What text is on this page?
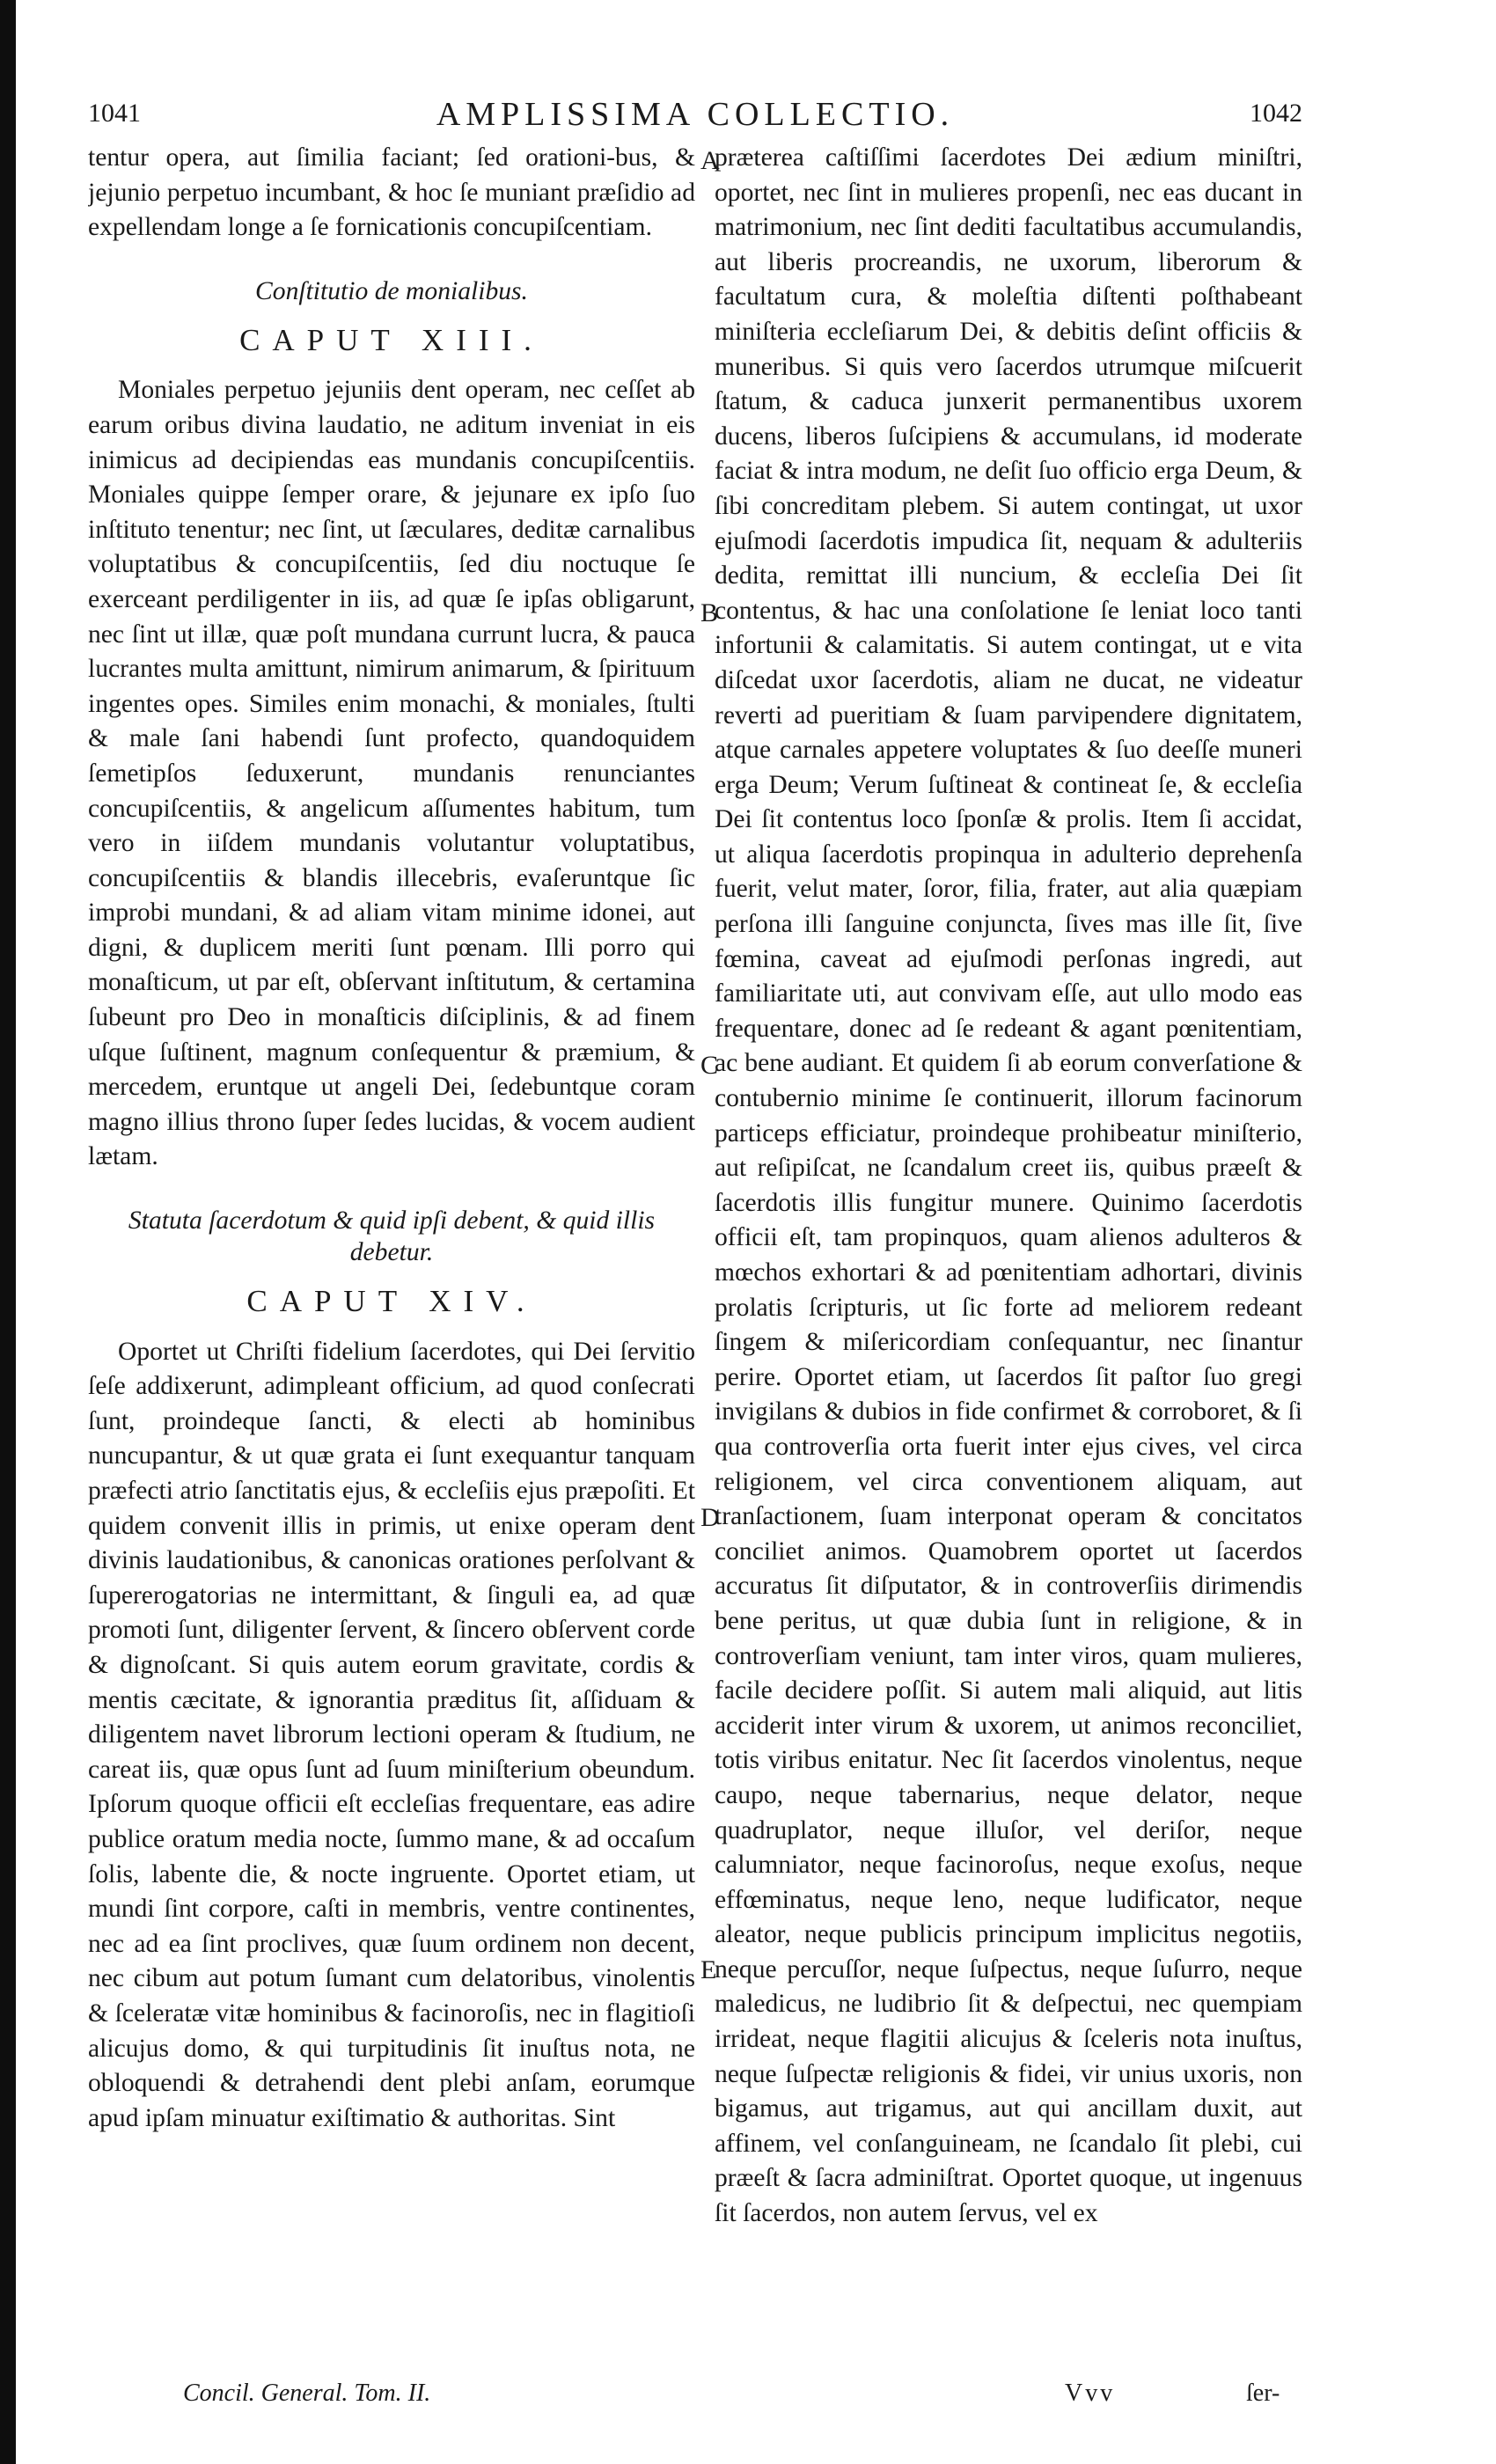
1041	AMPLISSIMA COLLECTIO.	1042

tentur opera, aut ſimilia faciant; ſed orationi-bus, & jejunio perpetuo incumbant, & hoc ſe muniant præſidio ad expellendam longe a ſe fornicationis concupiſcentiam.

Conſtitutio de monialibus.
CAPUT XIII.

Moniales perpetuo jejuniis dent operam, nec ceſſet ab earum oribus divina laudatio, ne aditum inveniat in eis inimicus ad decipiendas eas mundanis concupiſcentiis. Moniales quippe ſemper orare, & jejunare ex ipſo ſuo inſtituto tenentur; nec ſint, ut ſæculares, deditæ carnalibus voluptatibus & concupiſcentiis, ſed diu noctuque ſe exerceant perdiligenter in iis, ad quæ ſe ipſas obligarunt, nec ſint ut illæ, quæ poſt mundana currunt lucra, & pauca lucrantes multa amittunt, nimirum animarum, & ſpirituum ingentes opes. Similes enim monachi, & moniales, ſtulti & male ſani habendi ſunt profecto, quandoquidem ſemetipſos ſeduxerunt, mundanis renunciantes concupiſcentiis, & angelicum aſſumentes habitum, tum vero in iiſdem mundanis volutantur voluptatibus, concupiſcentiis & blandis illecebris, evaſeruntque ſic improbi mundani, & ad aliam vitam minime idonei, aut digni, & duplicem meriti ſunt pœnam. Illi porro qui monaſticum, ut par eſt, obſervant inſtitutum, & certamina ſubeunt pro Deo in monaſticis diſciplinis, & ad finem uſque ſuſtinent, magnum conſequentur & præmium, & mercedem, eruntque ut angeli Dei, ſedebuntque coram magno illius throno ſuper ſedes lucidas, & vocem audient lætam.

Statuta ſacerdotum & quid ipſi debent, & quid illis debetur.
CAPUT XIV.

Oportet ut Chriſti fidelium ſacerdotes, qui Dei ſervitio ſeſe addixerunt, adimpleant officium, ad quod conſecrati ſunt, proindeque ſancti, & electi ab hominibus nuncupantur, & ut quæ grata ei ſunt exequantur tanquam præfecti atrio ſanctitatis ejus, & eccleſiis ejus præpoſiti. Et quidem convenit illis in primis, ut enixe operam dent divinis laudationibus, & canonicas orationes perſolvant & ſupererogatorias ne intermittant, & ſinguli ea, ad quæ promoti ſunt, diligenter ſervent, & ſincero obſervent corde & dignoſcant. Si quis autem eorum gravitate, cordis & mentis cæcitate, & ignorantia præditus ſit, aſſiduam & diligentem navet librorum lectioni operam & ſtudium, ne careat iis, quæ opus ſunt ad ſuum miniſterium obeundum. Ipſorum quoque officii eſt eccleſias frequentare, eas adire publice oratum media nocte, ſummo mane, & ad occaſum ſolis, labente die, & nocte ingruente. Oportet etiam, ut mundi ſint corpore, caſti in membris, ventre continentes, nec ad ea ſint proclives, quæ ſuum ordinem non decent, nec cibum aut potum ſumant cum delatoribus, vinolentis & ſceleratæ vitæ hominibus & facinoroſis, nec in flagitioſi alicujus domo, & qui turpitudinis ſit inuſtus nota, ne obloquendi & detrahendi dent plebi anſam, eorumque apud ipſam minuatur exiſtimatio & authoritas. Sint

præterea caſtiſſimi ſacerdotes Dei ædium miniſtri, oportet, nec ſint in mulieres propenſi, nec eas ducant in matrimonium, nec ſint dediti facultatibus accumulandis, aut liberis procreandis, ne uxorum, liberorum & facultatum cura, & moleſtia diſtenti poſthabeant miniſteria eccleſiarum Dei, & debitis deſint officiis & muneribus. Si quis vero ſacerdos utrumque miſcuerit ſtatum, & caduca junxerit permanentibus uxorem ducens, liberos ſuſcipiens & accumulans, id moderate faciat & intra modum, ne deſit ſuo officio erga Deum, & ſibi concreditam plebem. Si autem contingat, ut uxor ejuſmodi ſacerdotis impudica ſit, nequam & adulteriis dedita, remittat illi nuncium, & eccleſia Dei ſit contentus, & hac una conſolatione ſe leniat loco tanti infortunii & calamitatis. Si autem contingat, ut e vita diſcedat uxor ſacerdotis, aliam ne ducat, ne videatur reverti ad pueritiam & ſuam parvipendere dignitatem, atque carnales appetere voluptates & ſuo deeſſe muneri erga Deum; Verum ſuſtineat & contineat ſe, & eccleſia Dei ſit contentus loco ſponſæ & prolis. Item ſi accidat, ut aliqua ſacerdotis propinqua in adulterio deprehenſa fuerit, velut mater, ſoror, filia, frater, aut alia quæpiam perſona illi ſanguine conjuncta, ſives mas ille ſit, ſive fœmina, caveat ad ejuſmodi perſonas ingredi, aut familiaritate uti, aut convivam eſſe, aut ullo modo eas frequentare, donec ad ſe redeant & agant pœnitentiam, ac bene audiant. Et quidem ſi ab eorum converſatione & contubernio minime ſe continuerit, illorum facinorum particeps efficiatur, proindeque prohibeatur miniſterio, aut reſipiſcat, ne ſcandalum creet iis, quibus præeſt & ſacerdotis illis fungitur munere. Quinimo ſacerdotis officii eſt, tam propinquos, quam alienos adulteros & mœchos exhortari & ad pœnitentiam adhortari, divinis prolatis ſcripturis, ut ſic forte ad meliorem redeant ſingem & miſericordiam conſequantur, nec ſinantur perire. Oportet etiam, ut ſacerdos ſit paſtor ſuo gregi invigilans & dubios in fide confirmet & corroboret, & ſi qua controverſia orta fuerit inter ejus cives, vel circa religionem, vel circa conventionem aliquam, aut tranſactionem, ſuam interponat operam & concitatos conciliet animos. Quamobrem oportet ut ſacerdos accuratus ſit diſputator, & in controverſiis dirimendis bene peritus, ut quæ dubia ſunt in religione, & in controverſiam veniunt, tam inter viros, quam mulieres, facile decidere poſſit. Si autem mali aliquid, aut litis acciderit inter virum & uxorem, ut animos reconciliet, totis viribus enitatur. Nec ſit ſacerdos vinolentus, neque caupo, neque tabernarius, neque delator, neque quadruplator, neque illuſor, vel deriſor, neque calumniator, neque facinoroſus, neque exoſus, neque effœminatus, neque leno, neque ludificator, neque aleator, neque publicis principum implicitus negotiis, neque percuſſor, neque ſuſpectus, neque ſuſurro, neque maledicus, ne ludibrio ſit & deſpectui, nec quempiam irrideat, neque flagitii alicujus & ſceleris nota inuſtus, neque ſuſpectæ religionis & fidei, vir unius uxoris, non bigamus, aut trigamus, aut qui ancillam duxit, aut affinem, vel conſanguineam, ne ſcandalo ſit plebi, cui præeſt & ſacra adminiſtrat. Oportet quoque, ut ingenuus ſit ſacerdos, non autem ſervus, vel ex

A
B
C
D
E
Concil. General. Tom. II.	Vvv	ſer-
